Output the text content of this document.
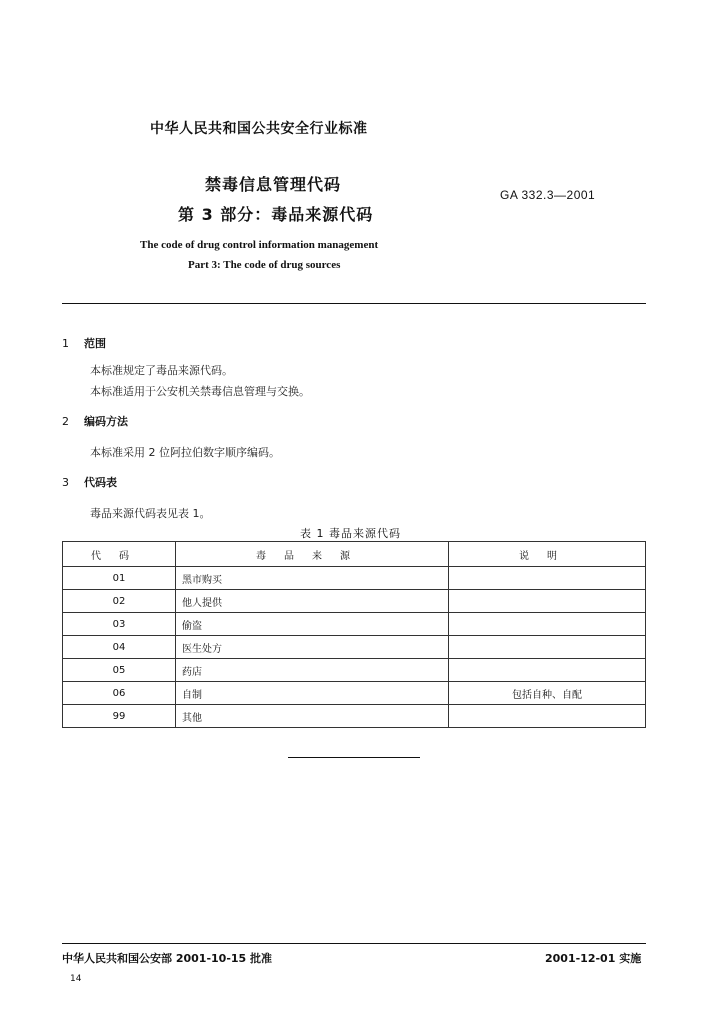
中华人民共和国公共安全行业标准
禁毒信息管理代码
第 3 部分：毒品来源代码
GA 332.3—2001
The code of drug control information management
Part 3: The code of drug sources
1 范围
本标准规定了毒品来源代码。
本标准适用于公安机关禁毒信息管理与交换。
2 编码方法
本标准采用 2 位阿拉伯数字顺序编码。
3 代码表
毒品来源代码表见表 1。
表 1 毒品来源代码
代码	毒品来源	说明
01	黑市购买	
02	他人提供	
03	偷盗	
04	医生处方	
05	药店	
06	自制	包括自种、自配
99	其他	
中华人民共和国公安部 2001-10-15 批准	2001-12-01 实施
14
